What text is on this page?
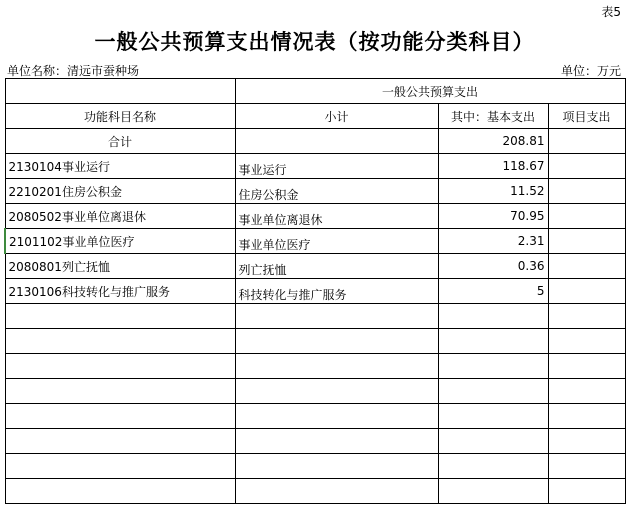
表5
一般公共预算支出情况表（按功能分类科目）
单位名称：清远市蚕种场	单位：万元
	一般公共预算支出		
功能科目名称	小计	其中：基本支出	项目支出
合计		208.81	
2130104事业运行	事业运行	118.67	
2210201住房公积金	住房公积金	11.52	
2080502事业单位离退休	事业单位离退休	70.95	
2101102事业单位医疗	事业单位医疗	2.31	
2080801列亡抚恤	列亡抚恤	0.36	
2130106科技转化与推广服务	科技转化与推广服务	5	
